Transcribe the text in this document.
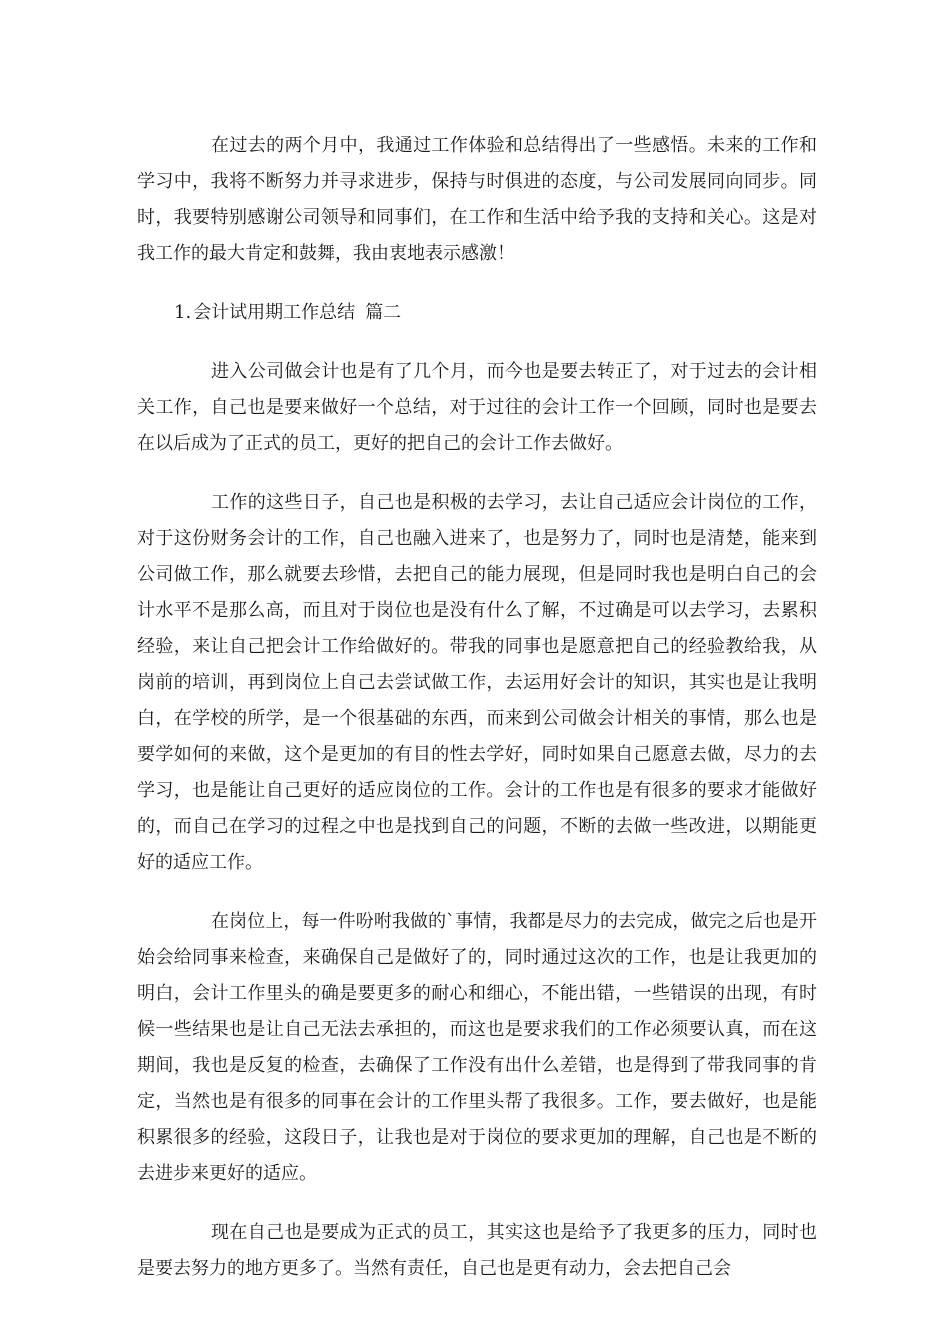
在过去的两个月中，我通过工作体验和总结得出了一些感悟。未来的工作和学习中，我将不断努力并寻求进步，保持与时俱进的态度，与公司发展同向同步。同时，我要特别感谢公司领导和同事们，在工作和生活中给予我的支持和关心。这是对我工作的最大肯定和鼓舞，我由衷地表示感激！

1. 会计试用期工作总结 篇二

进入公司做会计也是有了几个月，而今也是要去转正了，对于过去的会计相关工作，自己也是要来做好一个总结，对于过往的会计工作一个回顾，同时也是要去在以后成为了正式的员工，更好的把自己的会计工作去做好。

工作的这些日子，自己也是积极的去学习，去让自己适应会计岗位的工作，对于这份财务会计的工作，自己也融入进来了，也是努力了，同时也是清楚，能来到公司做工作，那么就要去珍惜，去把自己的能力展现，但是同时我也是明白自己的会计水平不是那么高，而且对于岗位也是没有什么了解，不过确是可以去学习，去累积经验，来让自己把会计工作给做好的。带我的同事也是愿意把自己的经验教给我，从岗前的培训，再到岗位上自己去尝试做工作，去运用好会计的知识，其实也是让我明白，在学校的所学，是一个很基础的东西，而来到公司做会计相关的事情，那么也是要学如何的来做，这个是更加的有目的性去学好，同时如果自己愿意去做，尽力的去学习，也是能让自己更好的适应岗位的工作。会计的工作也是有很多的要求才能做好的，而自己在学习的过程之中也是找到自己的问题，不断的去做一些改进，以期能更好的适应工作。

在岗位上，每一件吩咐我做的`事情，我都是尽力的去完成，做完之后也是开始会给同事来检查，来确保自己是做好了的，同时通过这次的工作，也是让我更加的明白，会计工作里头的确是要更多的耐心和细心，不能出错，一些错误的出现，有时候一些结果也是让自己无法去承担的，而这也是要求我们的工作必须要认真，而在这期间，我也是反复的检查，去确保了工作没有出什么差错，也是得到了带我同事的肯定，当然也是有很多的同事在会计的工作里头帮了我很多。工作，要去做好，也是能积累很多的经验，这段日子，让我也是对于岗位的要求更加的理解，自己也是不断的去进步来更好的适应。

现在自己也是要成为正式的员工，其实这也是给予了我更多的压力，同时也是要去努力的地方更多了。当然有责任，自己也是更有动力，会去把自己会
